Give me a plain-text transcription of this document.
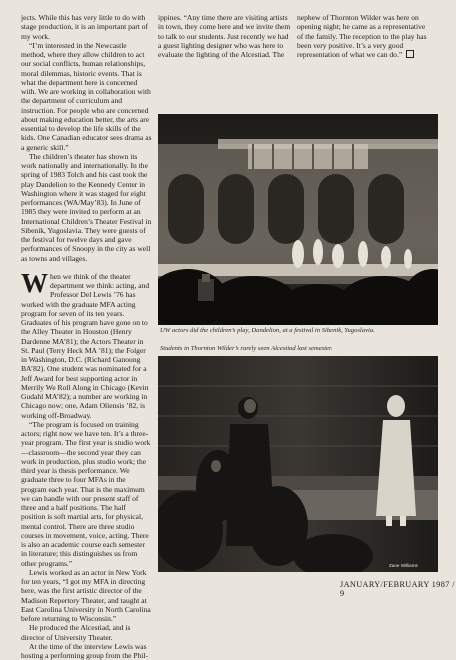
jects. While this has very little to do with stage production, it is an important part of my work.

“I’m interested in the Newcastle method, where they allow children to act our social conflicts, human relationships, moral dilemmas, historic events. That is what the department here is concerned with. We are working in collaboration with the department of curriculum and instruction. For people who are concerned about making education better, the arts are essential to develop the life skills of the kids. One Canadian educator sees drama as a generic skill.”

The children’s theater has shown its work nationally and internationally. In the spring of 1983 Tolch and his cast took the play Dandelion to the Kennedy Center in Washington where it was staged for eight performances (WA/May’83). In June of 1985 they were invited to perform at an International Children’s Theater Festival in Sibenik, Yugoslavia. They were guests of the festival for twelve days and gave performances of Snoopy in the city as well as towns and villages.

When we think of the theater department we think: acting, and Professor Del Lewis ’76 has worked with the graduate MFA acting program for seven of its ten years. Graduates of his program have gone on to the Alley Theater in Houston (Henry Dardenne MA’81); the Actors Theater in St. Paul (Terry Heck MA ’81); the Folger in Washington, D.C. (Richard Ganoung BA’82). One student was nominated for a Jeff Award for best supporting actor in Merrily We Roll Along in Chicago (Kevin Gudahl MA’82); a number are working in Chicago now; one, Adam Oliensis ’82, is working off-Broadway.

“The program is focused on training actors; right now we have ten. It’s a three-year program. The first year is studio work—classroom—the second year they can work in production, plus studio work; the third year is thesis performance. We graduate three to four MFAs in the program each year. That is the maximum we can handle with our present staff of three and a half positions. The half position is soft martial arts, for physical, mental control. There are three studio courses in movement, voice, acting. There is also an academic course each semester in literature; this distinguishes us from other programs.”

Lewis worked as an actor in New York for ten years, “I got my MFA in directing here, was the first artistic director of the Madison Repertory Theater, and taught at East Carolina University in North Carolina before returning to Wisconsin.”

He produced the Alcestiad, and is director of University Theater.

At the time of the interview Lewis was hosting a performing group from the Phil-

ippines. “Any time there are visiting artists in town, they come here and we invite them to talk to our students. Just recently we had a guest lighting designer who was here to evaluate the lighting of the Alcestiad. The

nephew of Thornton Wilder was here on opening night; he came as a representative of the family. The reception to the play has been very positive. It’s a very good representation of what we can do.”

UW actors did the children’s play, Dandelion, at a festival in Sibenik, Yugoslavia.
Students in Thornton Wilder’s rarely seen Alcestiad last semester.
Zane Williams
JANUARY/FEBRUARY 1987 / 9
